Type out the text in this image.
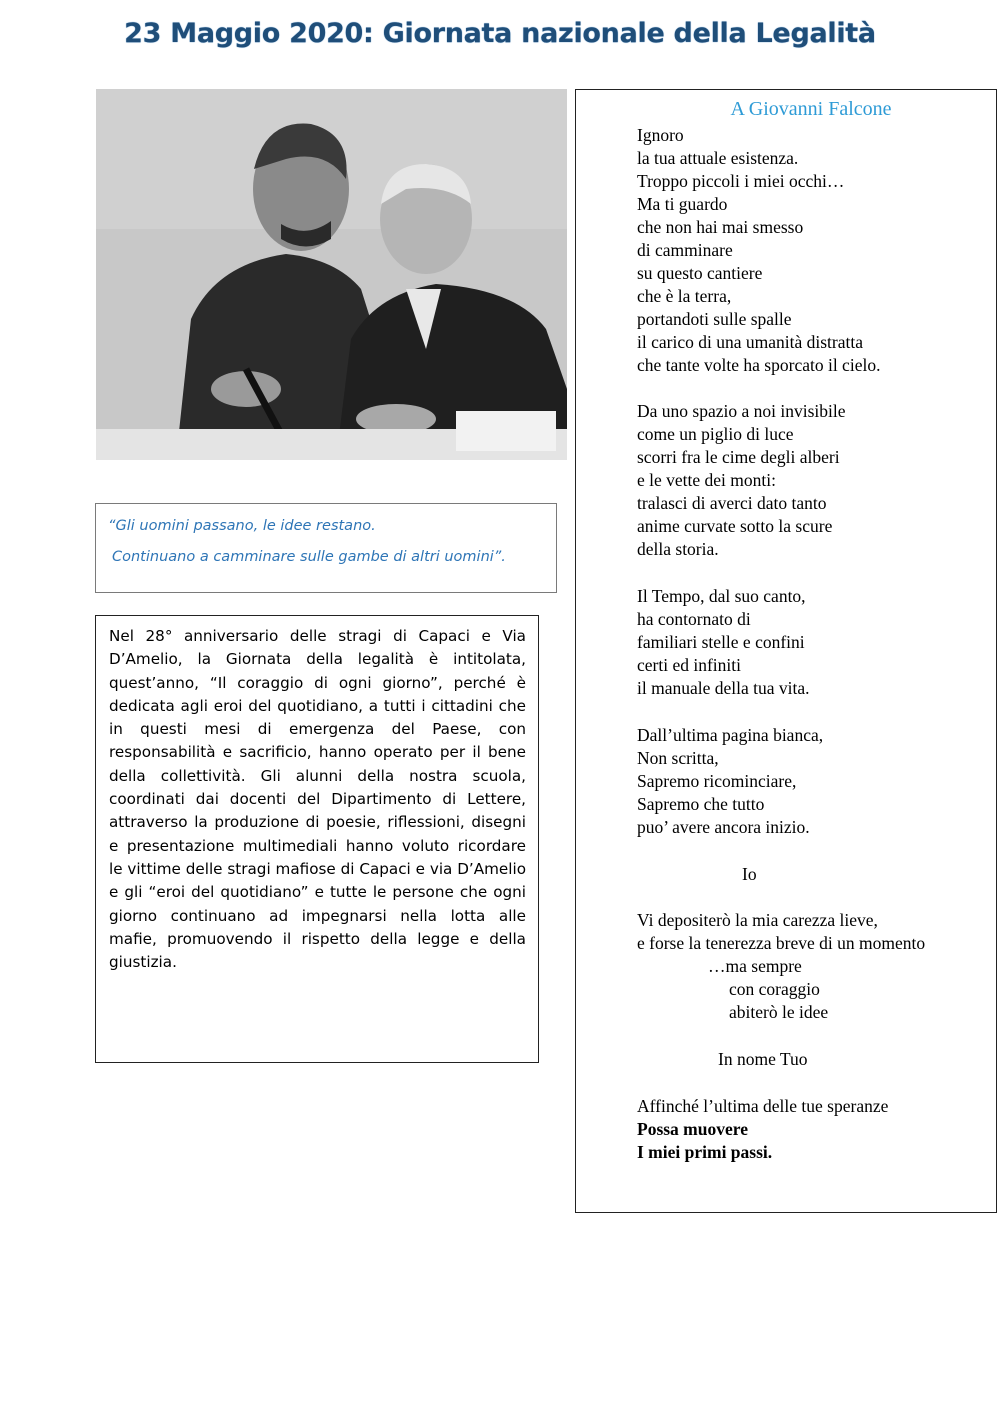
23 Maggio 2020: Giornata nazionale della Legalità
“Gli uomini passano, le idee restano.
Continuano a camminare sulle gambe di altri uomini”.
Nel 28° anniversario delle stragi di Capaci e Via D’Amelio, la Giornata della legalità è intitolata, quest’anno, “Il coraggio di ogni giorno”, perché è dedicata agli eroi del quotidiano, a tutti i cittadini che in questi mesi di emergenza del Paese, con responsabilità e sacrificio, hanno operato per il bene della collettività. Gli alunni della nostra scuola, coordinati dai docenti del Dipartimento di Lettere, attraverso la produzione di poesie, riflessioni, disegni e presentazione multimediali hanno voluto ricordare le vittime delle stragi mafiose di Capaci e via D’Amelio e gli “eroi del quotidiano” e tutte le persone che ogni giorno continuano ad impegnarsi nella lotta alle mafie, promuovendo il rispetto della legge e della giustizia.
A Giovanni Falcone
Ignoro
la tua attuale esistenza.
Troppo piccoli i miei occhi…
Ma ti guardo
che non hai mai smesso
di camminare
su questo cantiere
che è la terra,
portandoti sulle spalle
il carico di una umanità distratta
che tante volte ha sporcato il cielo.
Da uno spazio a noi invisibile
come un piglio di luce
scorri fra le cime degli alberi
e le vette dei monti:
tralasci di averci dato tanto
anime curvate sotto la scure
della storia.
Il Tempo, dal suo canto,
ha contornato di
familiari stelle e confini
certi ed infiniti
il manuale della tua vita.
Dall’ultima pagina bianca,
Non scritta,
Sapremo ricominciare,
Sapremo che tutto
puo’ avere ancora inizio.
Io
Vi depositerò la mia carezza lieve,
e forse la tenerezza breve di un momento
…ma sempre
con coraggio
abiterò le idee
In nome Tuo
Affinché l’ultima delle tue speranze
Possa muovere
I miei primi passi.
